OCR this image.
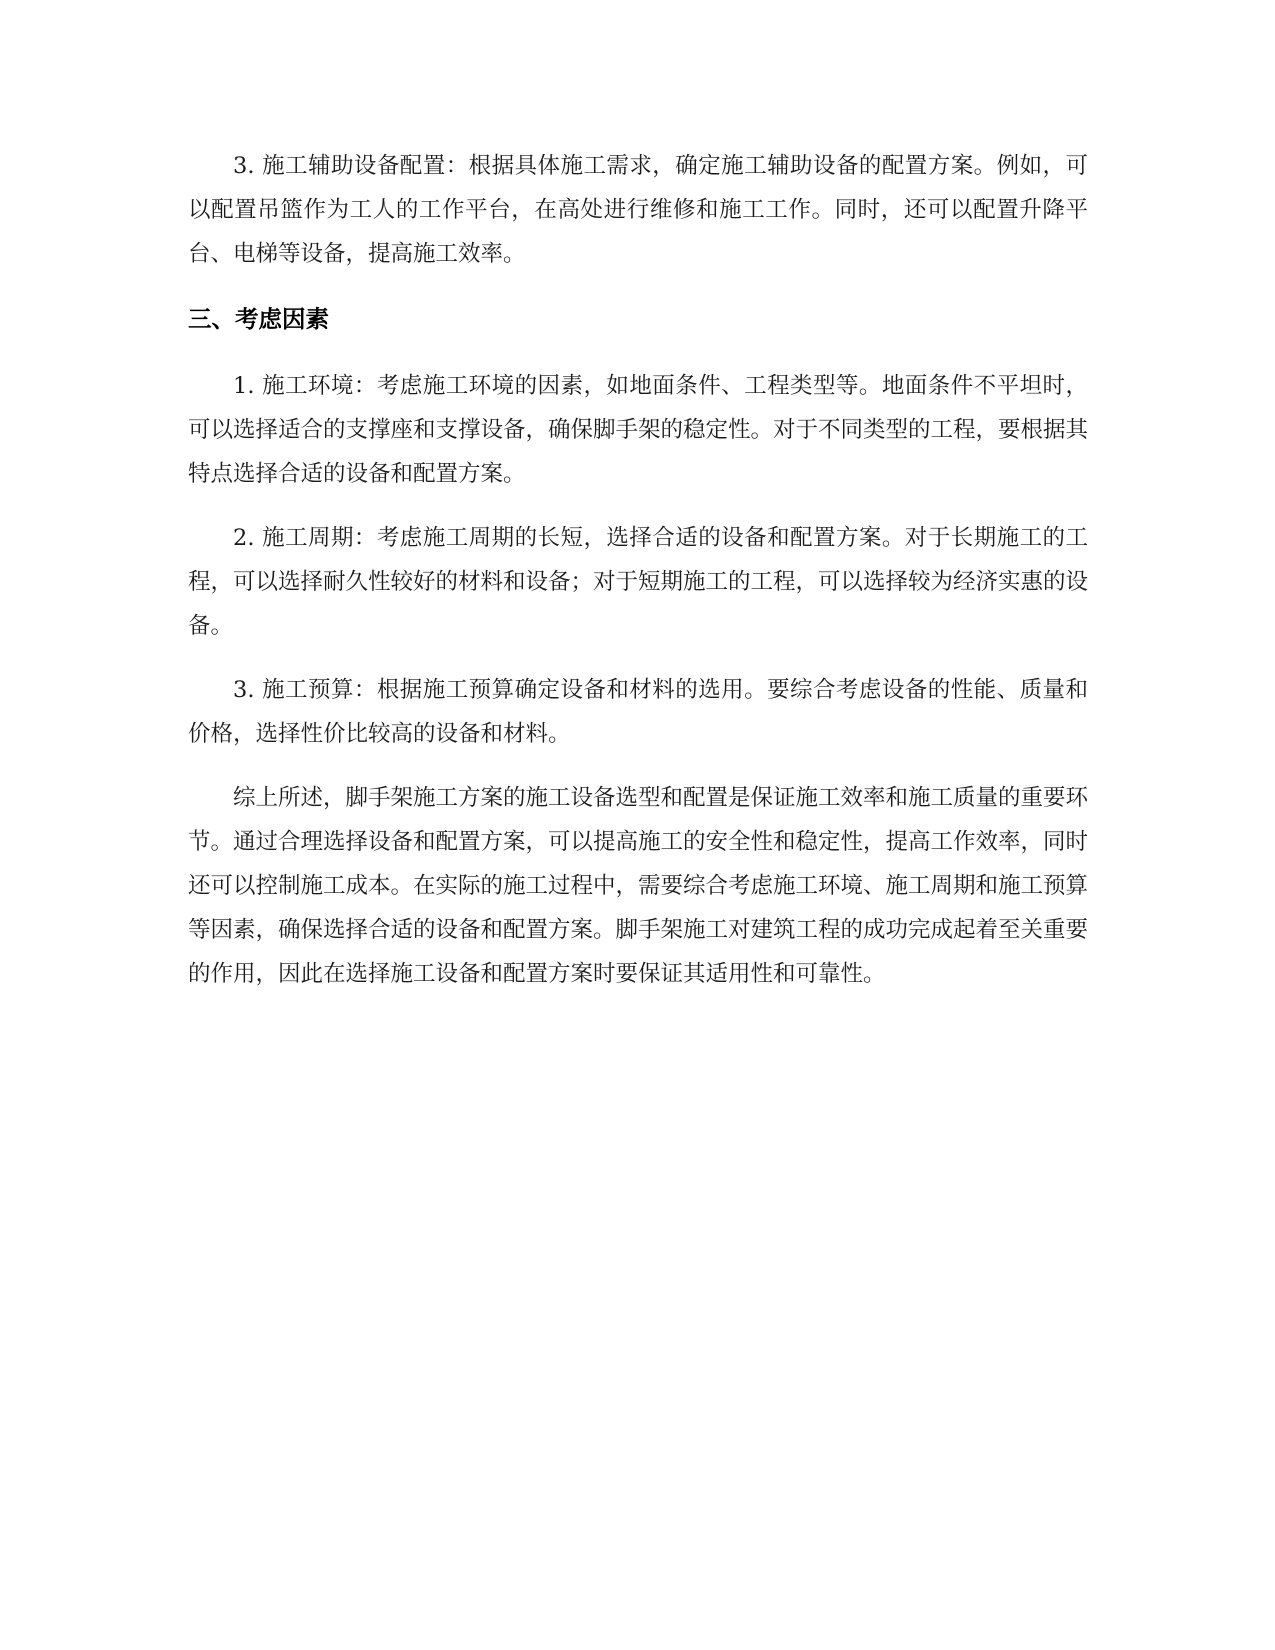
3. 施工辅助设备配置：根据具体施工需求，确定施工辅助设备的配置方案。例如，可以配置吊篮作为工人的工作平台，在高处进行维修和施工工作。同时，还可以配置升降平台、电梯等设备，提高施工效率。

三、考虑因素

1. 施工环境：考虑施工环境的因素，如地面条件、工程类型等。地面条件不平坦时，可以选择适合的支撑座和支撑设备，确保脚手架的稳定性。对于不同类型的工程，要根据其特点选择合适的设备和配置方案。

2. 施工周期：考虑施工周期的长短，选择合适的设备和配置方案。对于长期施工的工程，可以选择耐久性较好的材料和设备；对于短期施工的工程，可以选择较为经济实惠的设备。

3. 施工预算：根据施工预算确定设备和材料的选用。要综合考虑设备的性能、质量和价格，选择性价比较高的设备和材料。

综上所述，脚手架施工方案的施工设备选型和配置是保证施工效率和施工质量的重要环节。通过合理选择设备和配置方案，可以提高施工的安全性和稳定性，提高工作效率，同时还可以控制施工成本。在实际的施工过程中，需要综合考虑施工环境、施工周期和施工预算等因素，确保选择合适的设备和配置方案。脚手架施工对建筑工程的成功完成起着至关重要的作用，因此在选择施工设备和配置方案时要保证其适用性和可靠性。
